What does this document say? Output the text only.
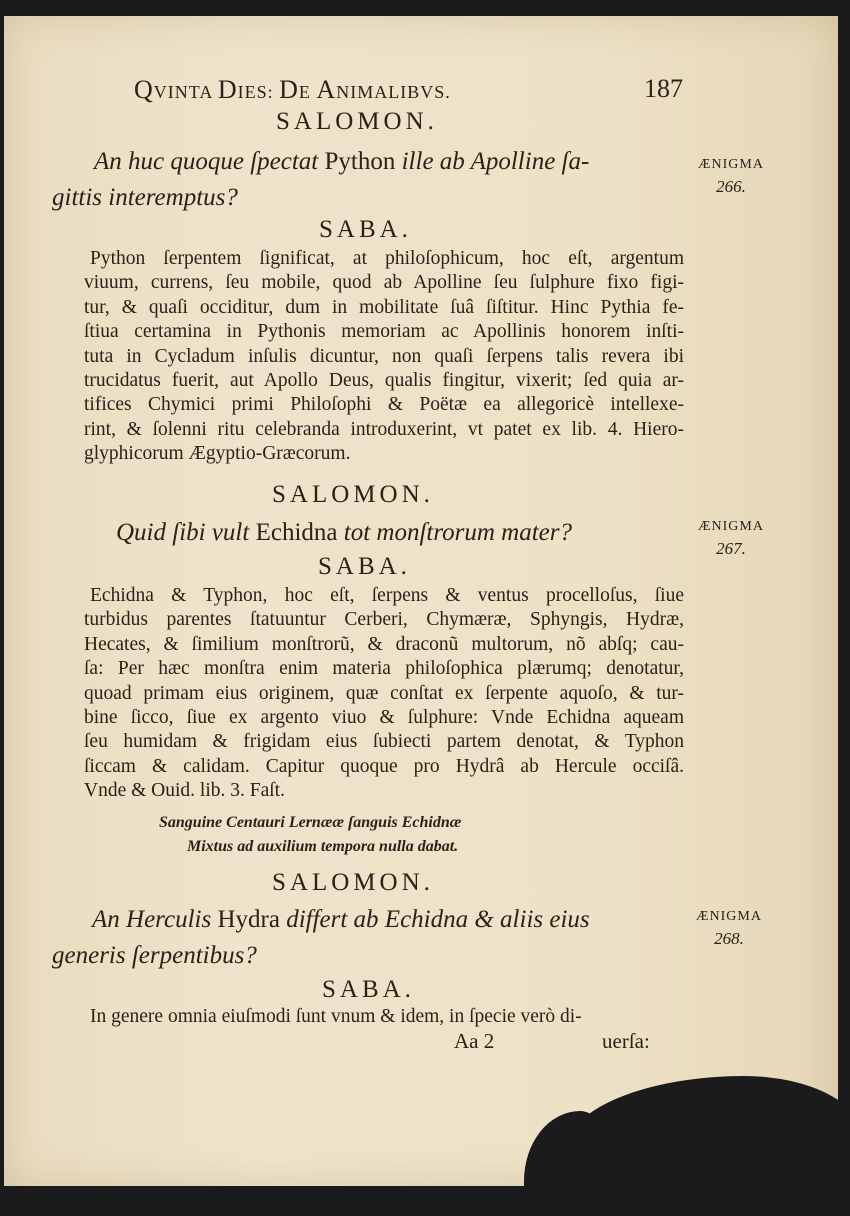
QVINTA DIES: DE ANIMALIBVS.	187
SALOMON.
An huc quoque ſpectat Python ille ab Apolline ſa-
gittis interemptus?
ÆNIGMA
266.
SABA.
Python ſerpentem ſignificat, at philoſophicum, hoc eſt, argentum
viuum, currens, ſeu mobile, quod ab Apolline ſeu ſulphure fixo figi-
tur, & quaſi occiditur, dum in mobilitate ſuâ ſiſtitur. Hinc Pythia fe-
ſtiua certamina in Pythonis memoriam ac Apollinis honorem inſti-
tuta in Cycladum inſulis dicuntur, non quaſi ſerpens talis revera ibi
trucidatus fuerit, aut Apollo Deus, qualis fingitur, vixerit; ſed quia ar-
tifices Chymici primi Philoſophi & Poëtæ ea allegoricè intellexe-
rint, & ſolenni ritu celebranda introduxerint, vt patet ex lib. 4. Hiero-
glyphicorum Ægyptio-Græcorum.
SALOMON.
Quid ſibi vult Echidna tot monſtrorum mater?	ÆNIGMA
267.
SABA.
Echidna & Typhon, hoc eſt, ſerpens & ventus procelloſus, ſiue
turbidus parentes ſtatuuntur Cerberi, Chymæræ, Sphyngis, Hydræ,
Hecates, & ſimilium monſtrorũ, & draconũ multorum, nõ abſq; cau-
ſa: Per hæc monſtra enim materia philoſophica plærumq; denotatur,
quoad primam eius originem, quæ conſtat ex ſerpente aquoſo, & tur-
bine ſicco, ſiue ex argento viuo & ſulphure: Vnde Echidna aqueam
ſeu humidam & frigidam eius ſubiecti partem denotat, & Typhon
ſiccam & calidam. Capitur quoque pro Hydrâ ab Hercule occiſâ.
Vnde & Ouid. lib. 3. Faſt.
Sanguine Centauri Lernææ ſanguis Echidnæ
Mixtus ad auxilium tempora nulla dabat.
SALOMON.
An Herculis Hydra differt ab Echidna & aliis eius
generis ſerpentibus?
ÆNIGMA
268.
SABA.
In genere omnia eiuſmodi ſunt vnum & idem, in ſpecie verò di-
Aa 2	uerſa:
